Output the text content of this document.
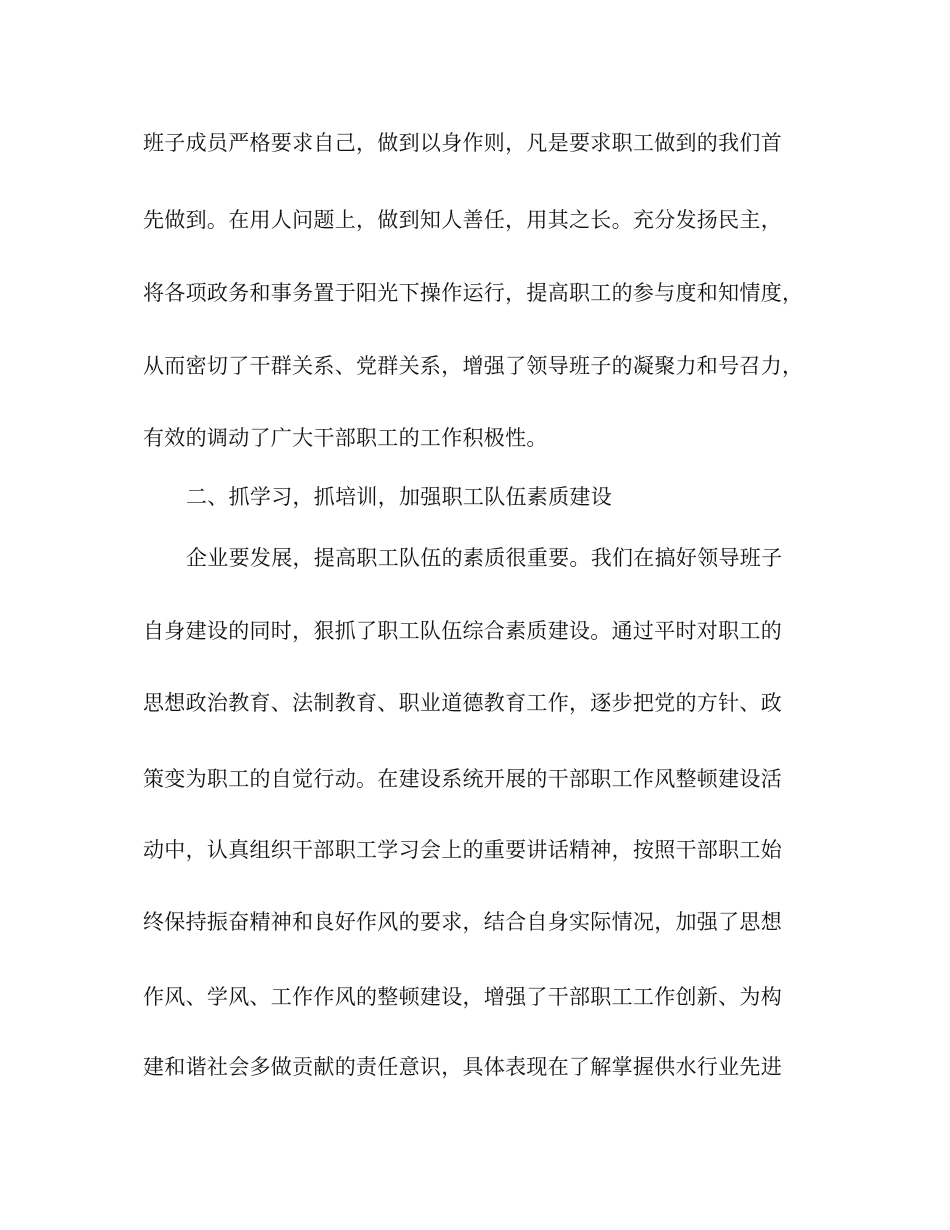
班子成员严格要求自己，做到以身作则，凡是要求职工做到的我们首
先做到。在用人问题上，做到知人善任，用其之长。充分发扬民主，
将各项政务和事务置于阳光下操作运行，提高职工的参与度和知情度，
从而密切了干群关系、党群关系，增强了领导班子的凝聚力和号召力，
有效的调动了广大干部职工的工作积极性。
二、抓学习，抓培训，加强职工队伍素质建设
企业要发展，提高职工队伍的素质很重要。我们在搞好领导班子
自身建设的同时，狠抓了职工队伍综合素质建设。通过平时对职工的
思想政治教育、法制教育、职业道德教育工作，逐步把党的方针、政
策变为职工的自觉行动。在建设系统开展的干部职工作风整顿建设活
动中，认真组织干部职工学习会上的重要讲话精神，按照干部职工始
终保持振奋精神和良好作风的要求，结合自身实际情况，加强了思想
作风、学风、工作作风的整顿建设，增强了干部职工工作创新、为构
建和谐社会多做贡献的责任意识，具体表现在了解掌握供水行业先进
